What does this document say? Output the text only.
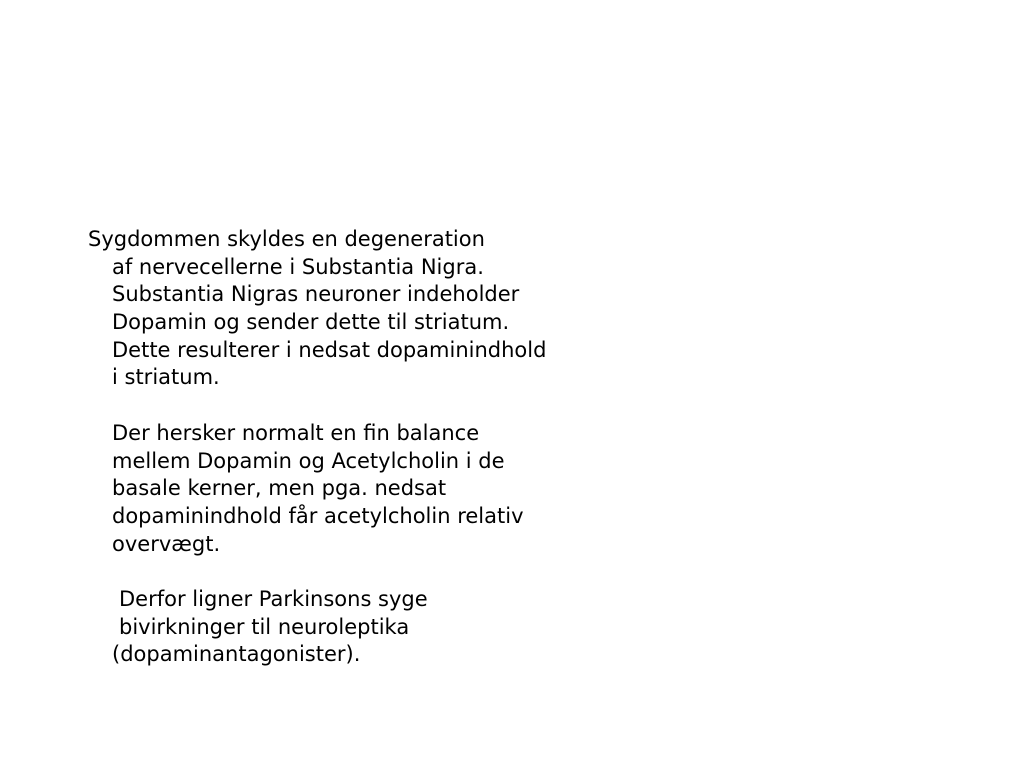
Sygdommen skyldes en degeneration
af nervecellerne i Substantia Nigra.
Substantia Nigras neuroner indeholder
Dopamin og sender dette til striatum.
Dette resulterer i nedsat dopaminindhold
i striatum.
Der hersker normalt en fin balance
mellem Dopamin og Acetylcholin i de
basale kerner, men pga. nedsat
dopaminindhold får acetylcholin relativ
overvægt.
Derfor ligner Parkinsons syge
bivirkninger til neuroleptika
(dopaminantagonister).
